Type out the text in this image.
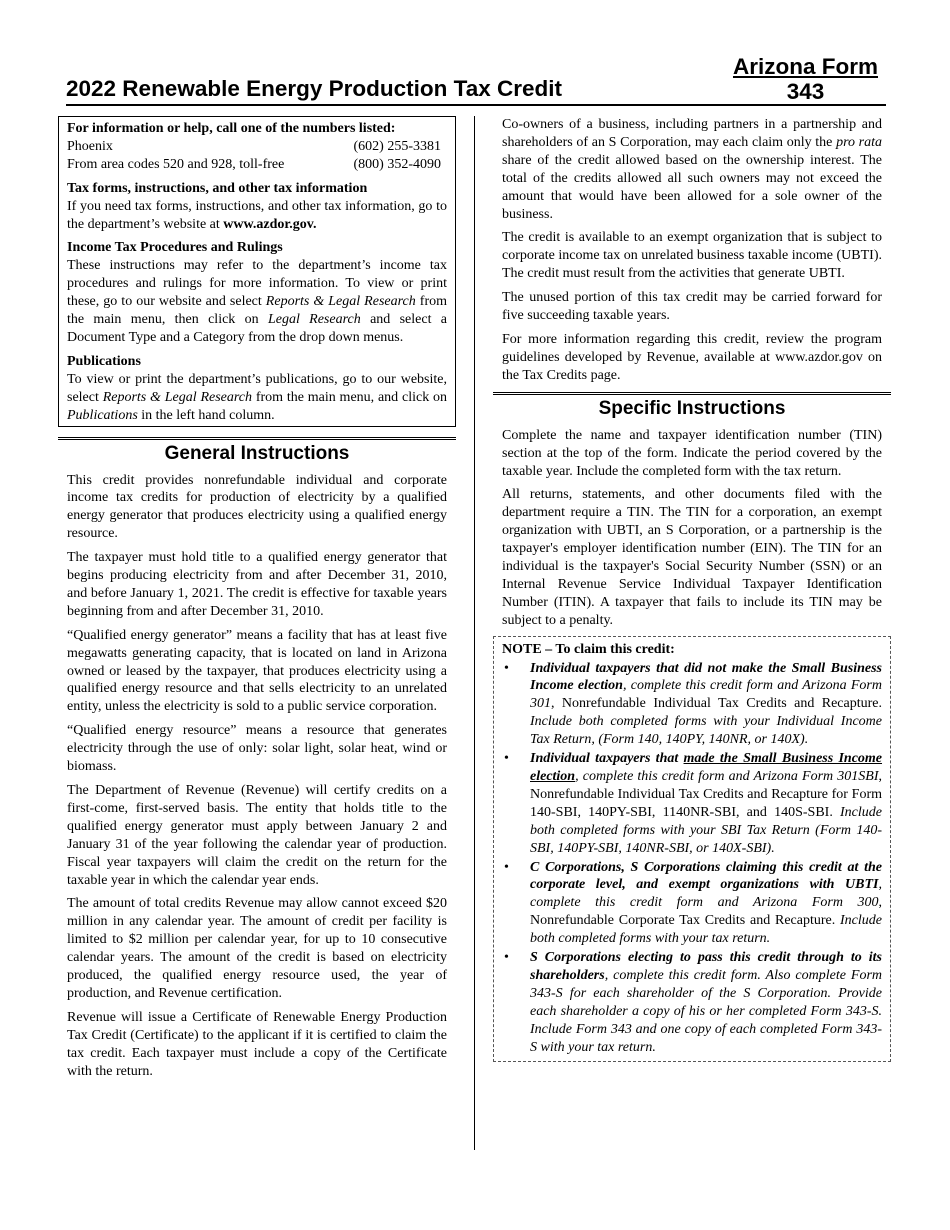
2022 Renewable Energy Production Tax Credit
Arizona Form
343
For information or help, call one of the numbers listed:
Phoenix	(602) 255-3381
From area codes 520 and 928, toll-free	(800) 352-4090
Tax forms, instructions, and other tax information

If you need tax forms, instructions, and other tax information, go to the department’s website at www.azdor.gov.

Income Tax Procedures and Rulings

These instructions may refer to the department’s income tax procedures and rulings for more information. To view or print these, go to our website and select Reports & Legal Research from the main menu, then click on Legal Research and select a Document Type and a Category from the drop down menus.

Publications

To view or print the department’s publications, go to our website, select Reports & Legal Research from the main menu, and click on Publications in the left hand column.

General Instructions

This credit provides nonrefundable individual and corporate income tax credits for production of electricity by a qualified energy generator that produces electricity using a qualified energy resource.

The taxpayer must hold title to a qualified energy generator that begins producing electricity from and after December 31, 2010, and before January 1, 2021. The credit is effective for taxable years beginning from and after December 31, 2010.

“Qualified energy generator” means a facility that has at least five megawatts generating capacity, that is located on land in Arizona owned or leased by the taxpayer, that produces electricity using a qualified energy resource and that sells electricity to an unrelated entity, unless the electricity is sold to a public service corporation.

“Qualified energy resource” means a resource that generates electricity through the use of only: solar light, solar heat, wind or biomass.

The Department of Revenue (Revenue) will certify credits on a first-come, first-served basis. The entity that holds title to the qualified energy generator must apply between January 2 and January 31 of the year following the calendar year of production. Fiscal year taxpayers will claim the credit on the return for the taxable year in which the calendar year ends.

The amount of total credits Revenue may allow cannot exceed $20 million in any calendar year. The amount of credit per facility is limited to $2 million per calendar year, for up to 10 consecutive calendar years. The amount of the credit is based on electricity produced, the qualified energy resource used, the year of production, and Revenue certification.

Revenue will issue a Certificate of Renewable Energy Production Tax Credit (Certificate) to the applicant if it is certified to claim the tax credit. Each taxpayer must include a copy of the Certificate with the return.

Co-owners of a business, including partners in a partnership and shareholders of an S Corporation, may each claim only the pro rata share of the credit allowed based on the ownership interest. The total of the credits allowed all such owners may not exceed the amount that would have been allowed for a sole owner of the business.

The credit is available to an exempt organization that is subject to corporate income tax on unrelated business taxable income (UBTI). The credit must result from the activities that generate UBTI.

The unused portion of this tax credit may be carried forward for five succeeding taxable years.

For more information regarding this credit, review the program guidelines developed by Revenue, available at www.azdor.gov on the Tax Credits page.

Specific Instructions

Complete the name and taxpayer identification number (TIN) section at the top of the form. Indicate the period covered by the taxable year. Include the completed form with the tax return.

All returns, statements, and other documents filed with the department require a TIN. The TIN for a corporation, an exempt organization with UBTI, an S Corporation, or a partnership is the taxpayer's employer identification number (EIN). The TIN for an individual is the taxpayer's Social Security Number (SSN) or an Internal Revenue Service Individual Taxpayer Identification Number (ITIN). A taxpayer that fails to include its TIN may be subject to a penalty.

NOTE – To claim this credit:
• Individual taxpayers that did not make the Small Business Income election, complete this credit form and Arizona Form 301, Nonrefundable Individual Tax Credits and Recapture. Include both completed forms with your Individual Income Tax Return, (Form 140, 140PY, 140NR, or 140X).
• Individual taxpayers that made the Small Business Income election, complete this credit form and Arizona Form 301SBI, Nonrefundable Individual Tax Credits and Recapture for Form 140-SBI, 140PY-SBI, 1140NR-SBI, and 140S-SBI. Include both completed forms with your SBI Tax Return (Form 140-SBI, 140PY-SBI, 140NR-SBI, or 140X-SBI).
• C Corporations, S Corporations claiming this credit at the corporate level, and exempt organizations with UBTI, complete this credit form and Arizona Form 300, Nonrefundable Corporate Tax Credits and Recapture. Include both completed forms with your tax return.
• S Corporations electing to pass this credit through to its shareholders, complete this credit form. Also complete Form 343-S for each shareholder of the S Corporation. Provide each shareholder a copy of his or her completed Form 343-S. Include Form 343 and one copy of each completed Form 343-S with your tax return.
